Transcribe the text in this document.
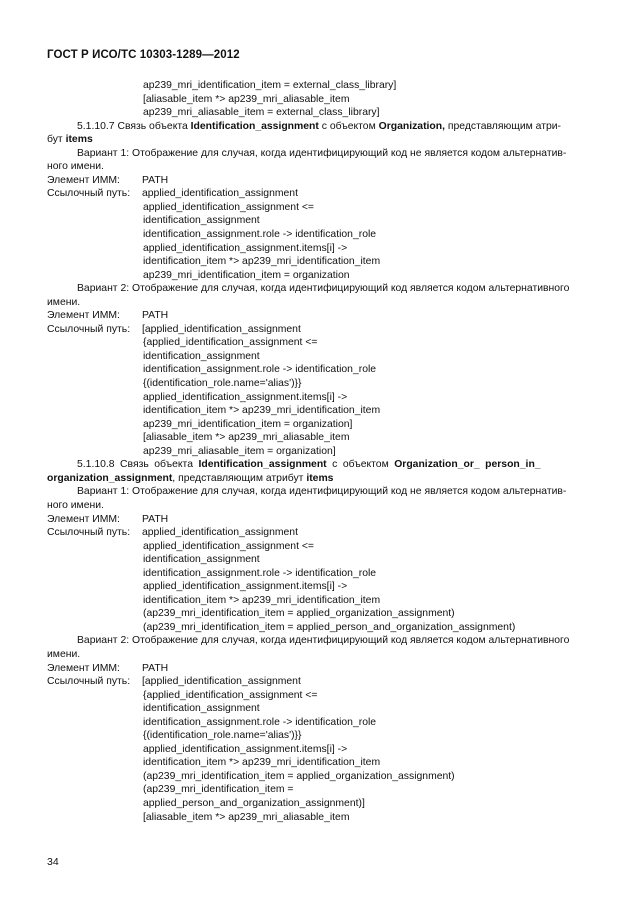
ГОСТ Р ИСО/ТС 10303-1289—2012
ap239_mri_identification_item = external_class_library]
[aliasable_item *> ap239_mri_aliasable_item
ap239_mri_aliasable_item = external_class_library]
5.1.10.7 Связь объекта Identification_assignment с объектом Organization, представляющим атри-
бут items
Вариант 1: Отображение для случая, когда идентифицирующий код не является кодом альтернатив-
ного имени.
Элемент ИММ: PATH
Ссылочный путь: applied_identification_assignment
applied_identification_assignment <=
identification_assignment
identification_assignment.role -> identification_role
applied_identification_assignment.items[i] ->
identification_item *> ap239_mri_identification_item
ap239_mri_identification_item = organization
Вариант 2: Отображение для случая, когда идентифицирующий код является кодом альтернативного
имени.
Элемент ИММ: PATH
Ссылочный путь: [applied_identification_assignment
{applied_identification_assignment <=
identification_assignment
identification_assignment.role -> identification_role
{(identification_role.name='alias')}}
applied_identification_assignment.items[i] ->
identification_item *> ap239_mri_identification_item
ap239_mri_identification_item = organization]
[aliasable_item *> ap239_mri_aliasable_item
ap239_mri_aliasable_item = organization]
5.1.10.8 Связь объекта Identification_assignment с объектом Organization_or_ person_in_
organization_assignment, представляющим атрибут items
Вариант 1: Отображение для случая, когда идентифицирующий код не является кодом альтернатив-
ного имени.
Элемент ИММ: PATH
Ссылочный путь: applied_identification_assignment
applied_identification_assignment <=
identification_assignment
identification_assignment.role -> identification_role
applied_identification_assignment.items[i] ->
identification_item *> ap239_mri_identification_item
(ap239_mri_identification_item = applied_organization_assignment)
(ap239_mri_identification_item = applied_person_and_organization_assignment)
Вариант 2: Отображение для случая, когда идентифицирующий код является кодом альтернативного
имени.
Элемент ИММ: PATH
Ссылочный путь: [applied_identification_assignment
{applied_identification_assignment <=
identification_assignment
identification_assignment.role -> identification_role
{(identification_role.name='alias')}}
applied_identification_assignment.items[i] ->
identification_item *> ap239_mri_identification_item
(ap239_mri_identification_item = applied_organization_assignment)
(ap239_mri_identification_item =
applied_person_and_organization_assignment)]
[aliasable_item *> ap239_mri_aliasable_item
34
